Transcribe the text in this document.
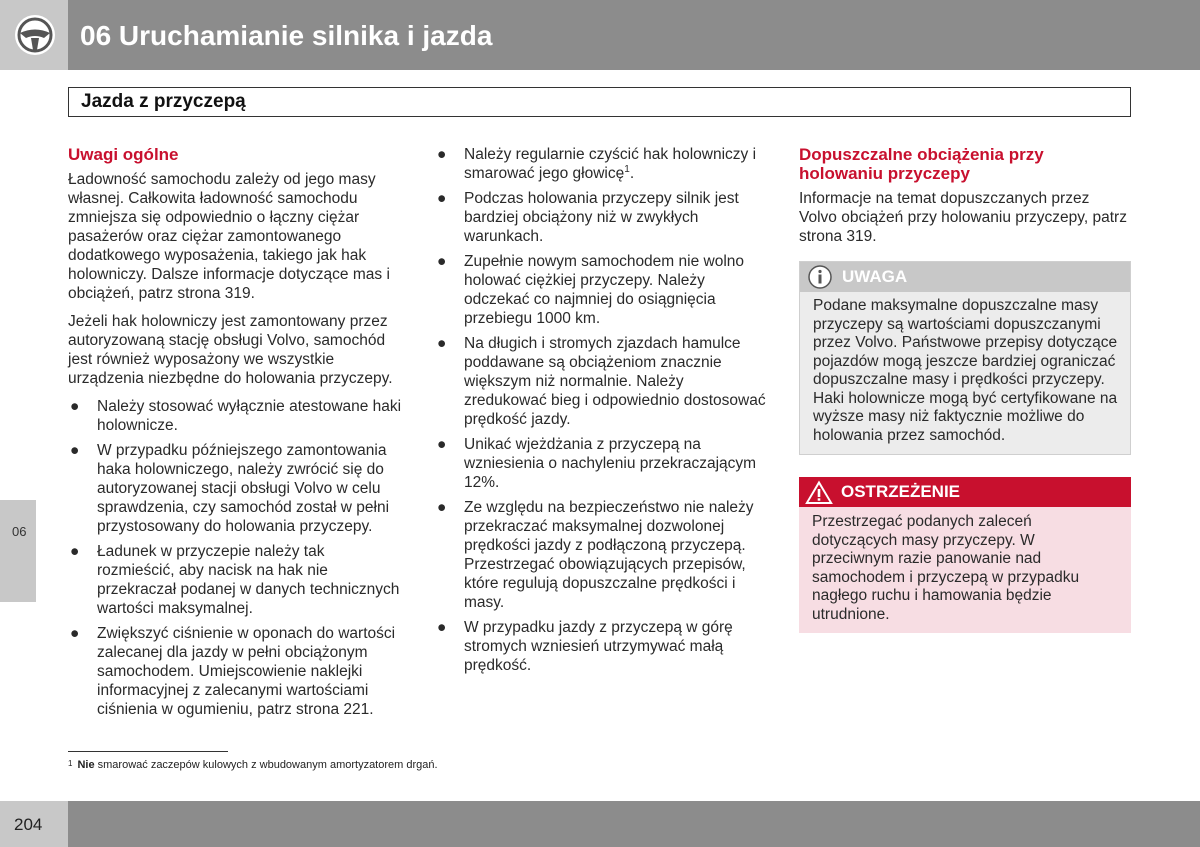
06 Uruchamianie silnika i jazda
Jazda z przyczepą
06
Uwagi ogólne

Ładowność samochodu zależy od jego masy własnej. Całkowita ładowność samochodu zmniejsza się odpowiednio o łączny ciężar pasażerów oraz ciężar zamontowanego dodatkowego wyposażenia, takiego jak hak holowniczy. Dalsze informacje dotyczące mas i obciążeń, patrz strona 319.

Jeżeli hak holowniczy jest zamontowany przez autoryzowaną stację obsługi Volvo, samochód jest również wyposażony we wszystkie urządzenia niezbędne do holowania przyczepy.

● Należy stosować wyłącznie atestowane haki holownicze.
● W przypadku późniejszego zamontowania haka holowniczego, należy zwrócić się do autoryzowanej stacji obsługi Volvo w celu sprawdzenia, czy samochód został w pełni przystosowany do holowania przyczepy.
● Ładunek w przyczepie należy tak rozmieścić, aby nacisk na hak nie przekraczał podanej w danych technicznych wartości maksymalnej.
● Zwiększyć ciśnienie w oponach do wartości zalecanej dla jazdy w pełni obciążonym samochodem. Umiejscowienie naklejki informacyjnej z zalecanymi wartościami ciśnienia w ogumieniu, patrz strona 221.
● Należy regularnie czyścić hak holowniczy i smarować jego głowicę$^1$.
● Podczas holowania przyczepy silnik jest bardziej obciążony niż w zwykłych warunkach.
● Zupełnie nowym samochodem nie wolno holować ciężkiej przyczepy. Należy odczekać co najmniej do osiągnięcia przebiegu 1000 km.
● Na długich i stromych zjazdach hamulce poddawane są obciążeniom znacznie większym niż normalnie. Należy zredukować bieg i odpowiednio dostosować prędkość jazdy.
● Unikać wjeżdżania z przyczepą na wzniesienia o nachyleniu przekraczającym 12%.
● Ze względu na bezpieczeństwo nie należy przekraczać maksymalnej dozwolonej prędkości jazdy z podłączoną przyczepą. Przestrzegać obowiązujących przepisów, które regulują dopuszczalne prędkości i masy.
● W przypadku jazdy z przyczepą w górę stromych wzniesień utrzymywać małą prędkość.
Dopuszczalne obciążenia przy holowaniu przyczepy

Informacje na temat dopuszczanych przez Volvo obciążeń przy holowaniu przyczepy, patrz strona 319.

UWAGA
Podane maksymalne dopuszczalne masy przyczepy są wartościami dopuszczanymi przez Volvo. Państwowe przepisy dotyczące pojazdów mogą jeszcze bardziej ograniczać dopuszczalne masy i prędkości przyczepy. Haki holownicze mogą być certyfikowane na wyższe masy niż faktycznie możliwe do holowania przez samochód.
OSTRZEŻENIE
Przestrzegać podanych zaleceń dotyczących masy przyczepy. W przeciwnym razie panowanie nad samochodem i przyczepą w przypadku nagłego ruchu i hamowania będzie utrudnione.
$^1$ Nie smarować zaczepów kulowych z wbudowanym amortyzatorem drgań.
204
